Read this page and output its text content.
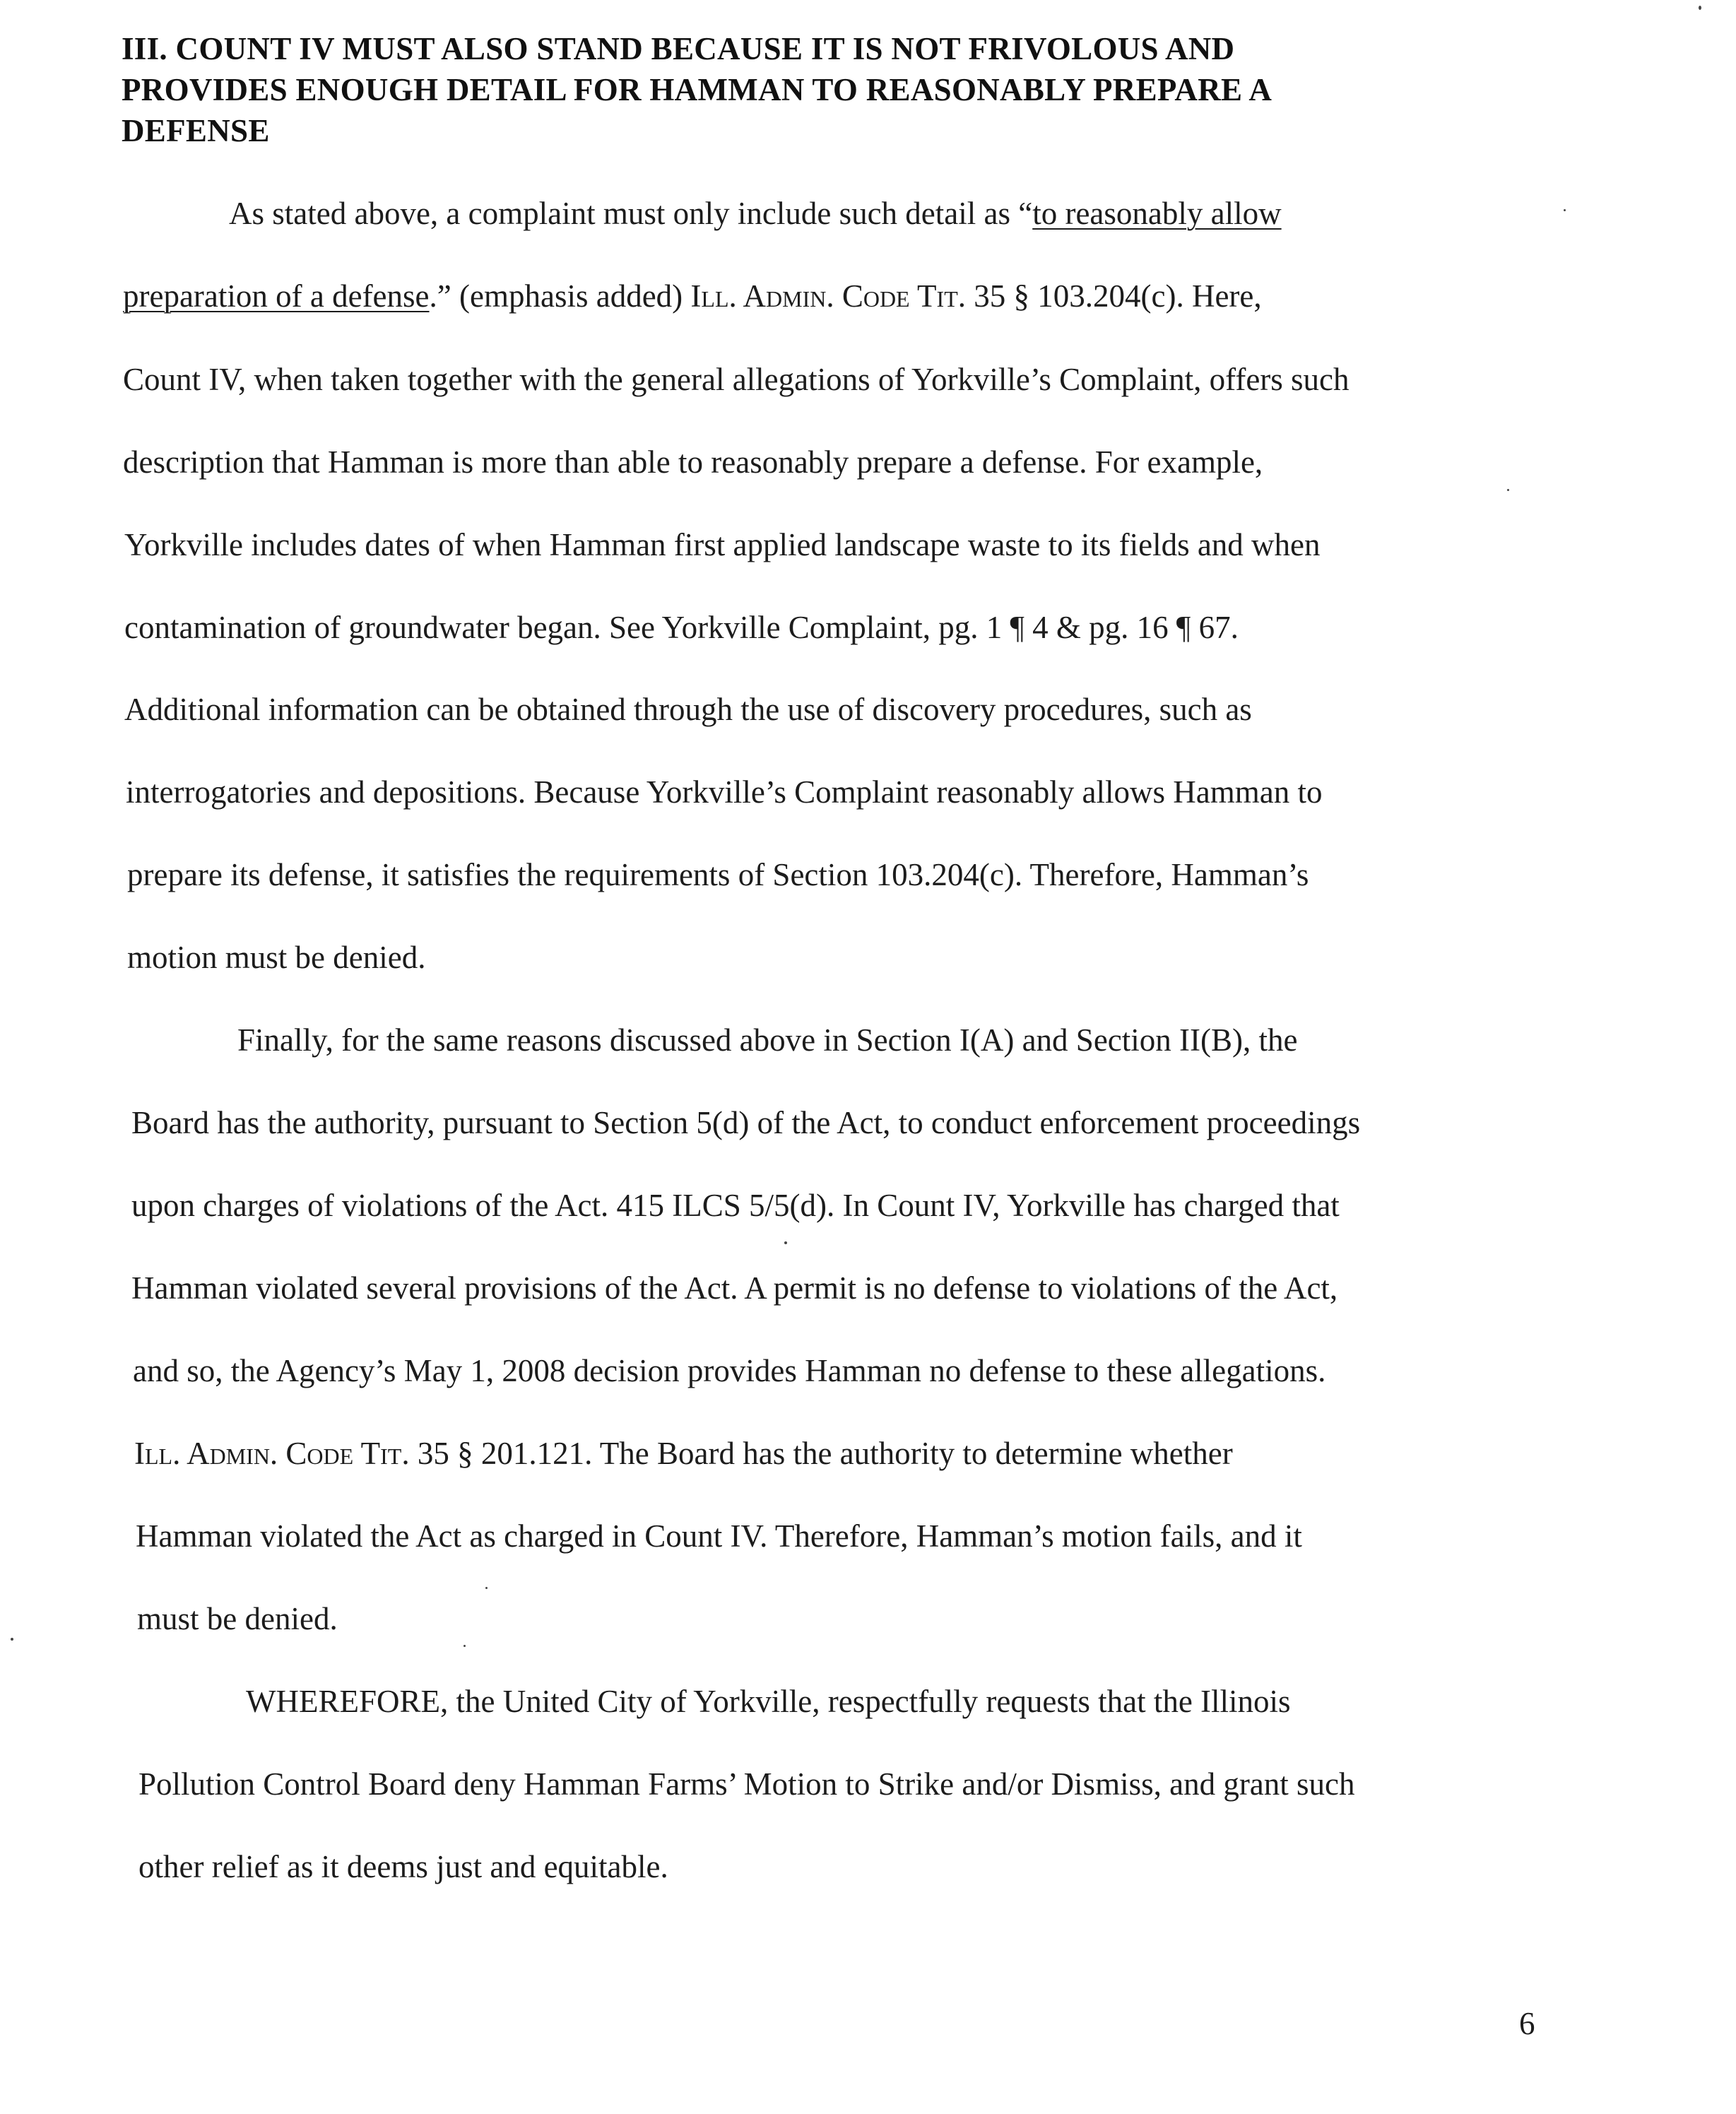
III. COUNT IV MUST ALSO STAND BECAUSE IT IS NOT FRIVOLOUS AND
PROVIDES ENOUGH DETAIL FOR HAMMAN TO REASONABLY PREPARE A
DEFENSE
As stated above, a complaint must only include such detail as “to reasonably allow
preparation of a defense.” (emphasis added) Ill. Admin. Code Tit. 35 § 103.204(c). Here,
Count IV, when taken together with the general allegations of Yorkville’s Complaint, offers such
description that Hamman is more than able to reasonably prepare a defense. For example,
Yorkville includes dates of when Hamman first applied landscape waste to its fields and when
contamination of groundwater began. See Yorkville Complaint, pg. 1 ¶ 4 & pg. 16 ¶ 67.
Additional information can be obtained through the use of discovery procedures, such as
interrogatories and depositions. Because Yorkville’s Complaint reasonably allows Hamman to
prepare its defense, it satisfies the requirements of Section 103.204(c). Therefore, Hamman’s
motion must be denied.
Finally, for the same reasons discussed above in Section I(A) and Section II(B), the
Board has the authority, pursuant to Section 5(d) of the Act, to conduct enforcement proceedings
upon charges of violations of the Act. 415 ILCS 5/5(d). In Count IV, Yorkville has charged that
Hamman violated several provisions of the Act. A permit is no defense to violations of the Act,
and so, the Agency’s May 1, 2008 decision provides Hamman no defense to these allegations.
Ill. Admin. Code Tit. 35 § 201.121. The Board has the authority to determine whether
Hamman violated the Act as charged in Count IV. Therefore, Hamman’s motion fails, and it
must be denied.
WHEREFORE, the United City of Yorkville, respectfully requests that the Illinois
Pollution Control Board deny Hamman Farms’ Motion to Strike and/or Dismiss, and grant such
other relief as it deems just and equitable.
6
